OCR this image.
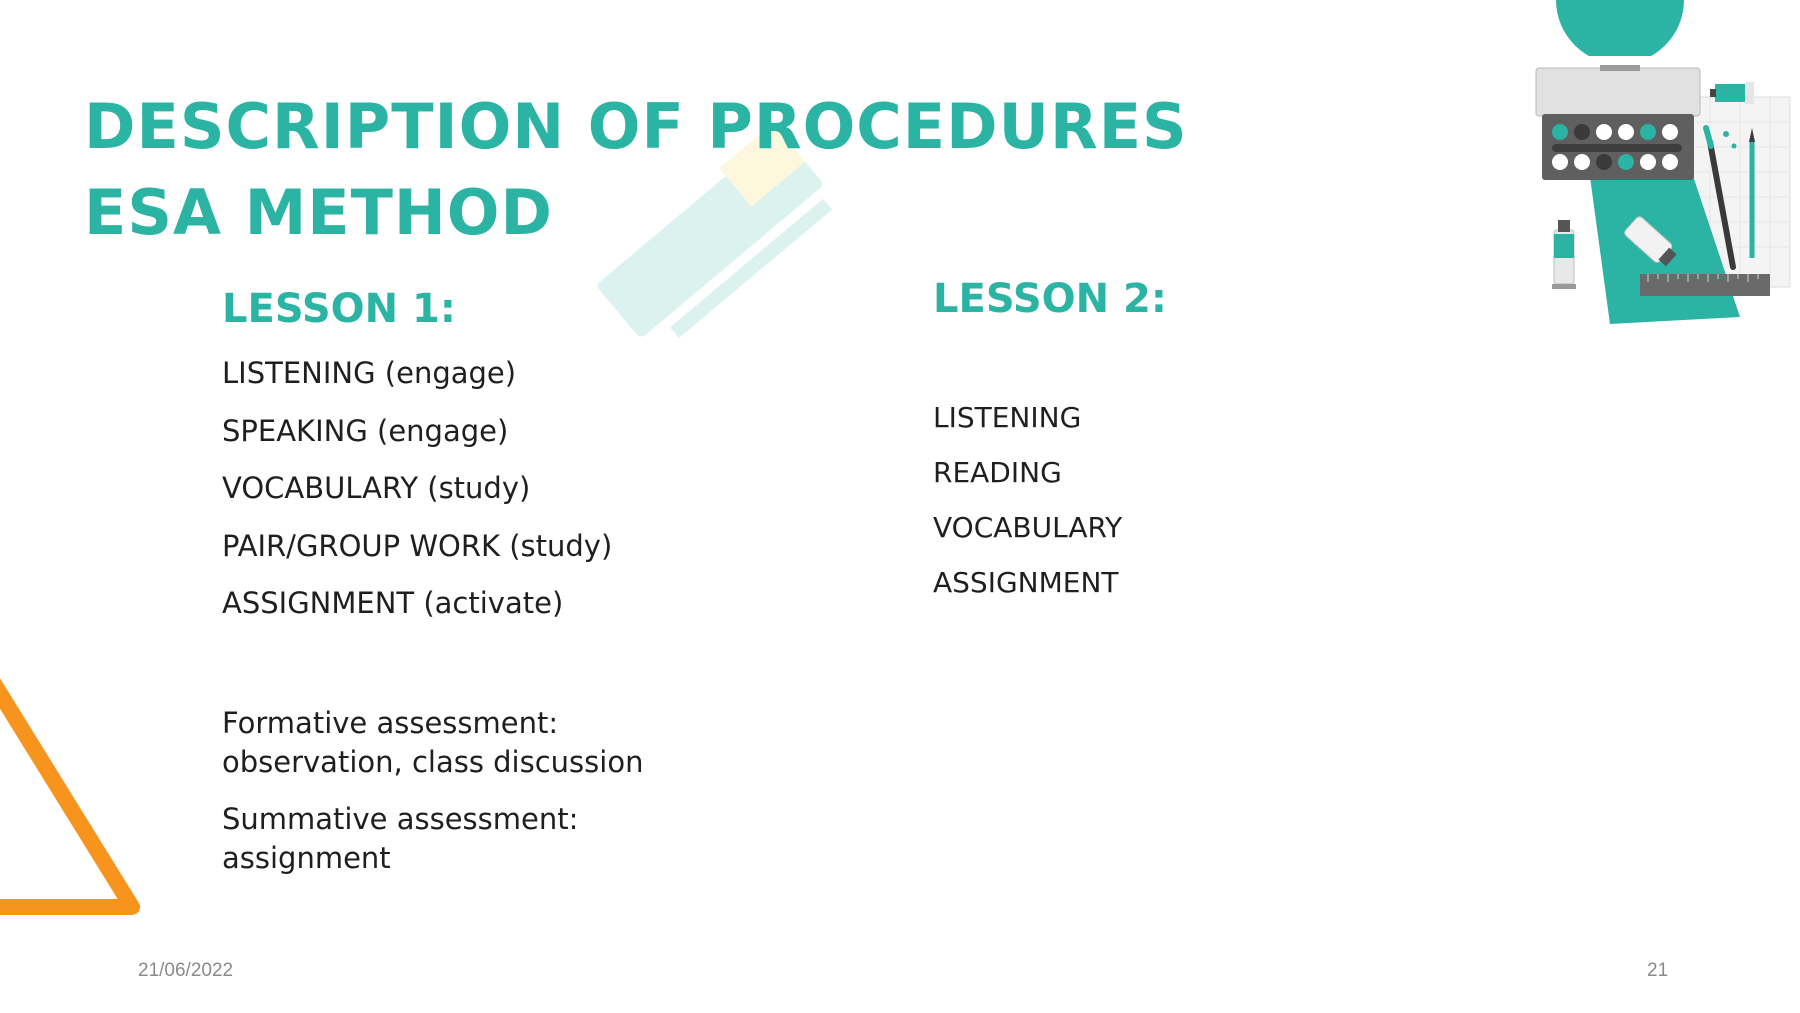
DESCRIPTION OF PROCEDURES
ESA METHOD
LESSON 1:
LISTENING (engage)
SPEAKING (engage)
VOCABULARY (study)
PAIR/GROUP WORK (study)
ASSIGNMENT (activate)

Formative assessment: observation, class discussion

Summative assessment: assignment

LESSON 2:
LISTENING
READING
VOCABULARY
ASSIGNMENT

21/06/2022	21
